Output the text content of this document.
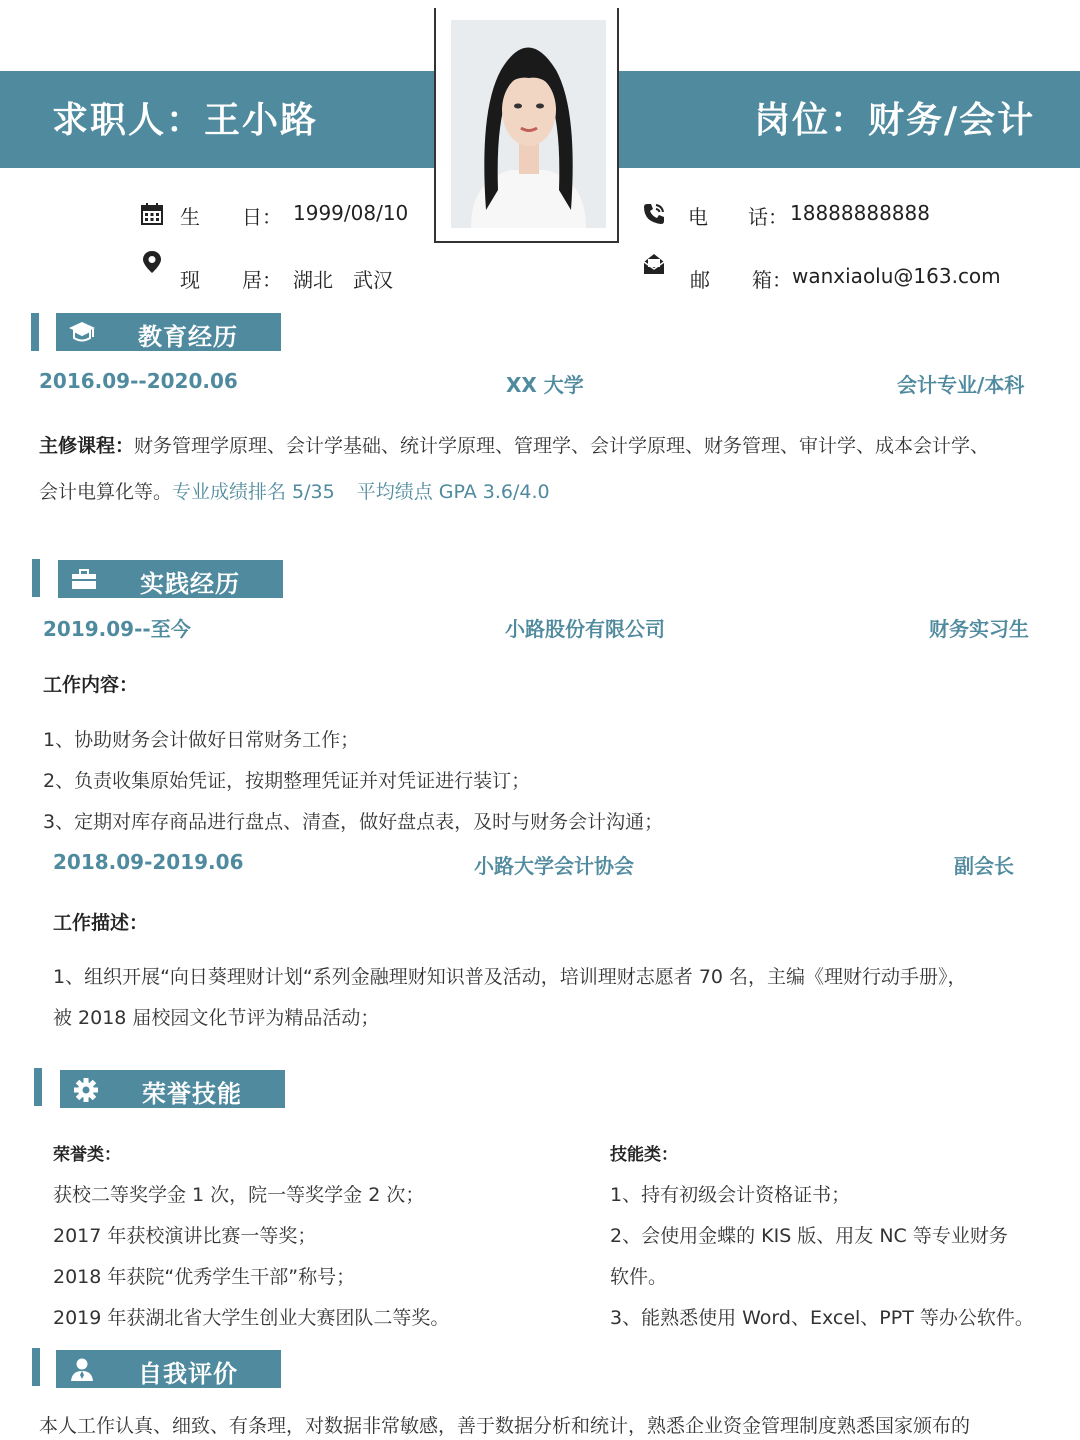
求职人：王小路	岗位：财务/会计
生 日： 1999/08/10
现 居： 湖北　武汉
电 话： 18888888888
邮 箱： wanxiaolu@163.com
教育经历
2016.09--2020.06	XX 大学	会计专业/本科
主修课程：财务管理学原理、会计学基础、统计学原理、管理学、会计学原理、财务管理、审计学、成本会计学、
会计电算化等。专业成绩排名 5/35 平均绩点 GPA 3.6/4.0
实践经历
2019.09--至今	小路股份有限公司	财务实习生
工作内容：
1、协助财务会计做好日常财务工作；
2、负责收集原始凭证，按期整理凭证并对凭证进行装订；
3、定期对库存商品进行盘点、清查，做好盘点表，及时与财务会计沟通；
2018.09-2019.06	小路大学会计协会	副会长
工作描述：
1、组织开展“向日葵理财计划“系列金融理财知识普及活动，培训理财志愿者 70 名，主编《理财行动手册》，
被 2018 届校园文化节评为精品活动；
荣誉技能
荣誉类：
获校二等奖学金 1 次，院一等奖学金 2 次；
2017 年获校演讲比赛一等奖；
2018 年获院“优秀学生干部”称号；
2019 年获湖北省大学生创业大赛团队二等奖。
技能类：
1、持有初级会计资格证书；
2、会使用金蝶的 KIS 版、用友 NC 等专业财务
软件。
3、能熟悉使用 Word、Excel、PPT 等办公软件。
自我评价
本人工作认真、细致、有条理，对数据非常敏感，善于数据分析和统计，熟悉企业资金管理制度熟悉国家颁布的
